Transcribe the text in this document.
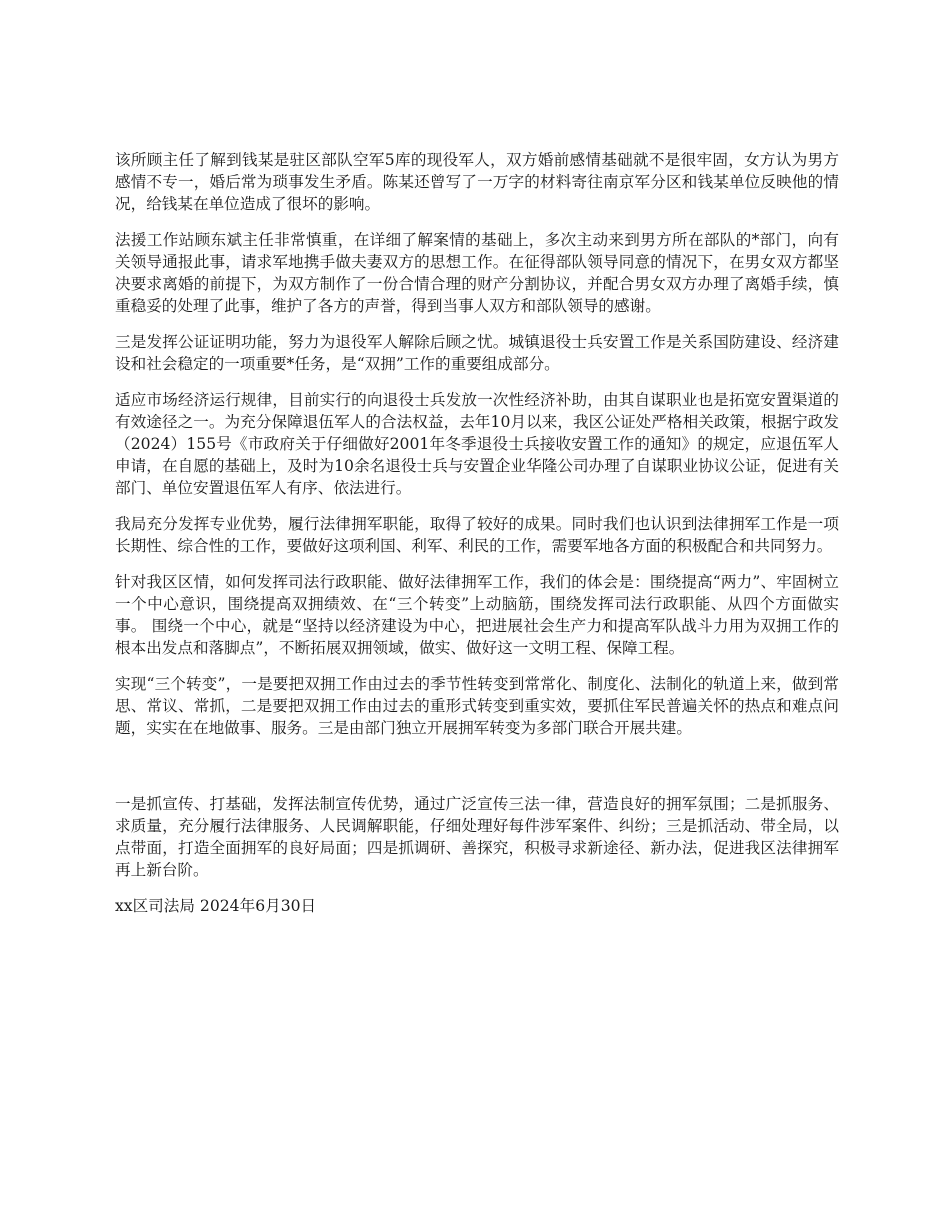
该所顾主任了解到钱某是驻区部队空军5库的现役军人，双方婚前感情基础就不是很牢固，女方认为男方感情不专一，婚后常为琐事发生矛盾。陈某还曾写了一万字的材料寄往南京军分区和钱某单位反映他的情况，给钱某在单位造成了很坏的影响。

法援工作站顾东斌主任非常慎重，在详细了解案情的基础上，多次主动来到男方所在部队的*部门，向有关领导通报此事，请求军地携手做夫妻双方的思想工作。在征得部队领导同意的情况下，在男女双方都坚决要求离婚的前提下，为双方制作了一份合情合理的财产分割协议，并配合男女双方办理了离婚手续，慎重稳妥的处理了此事，维护了各方的声誉，得到当事人双方和部队领导的感谢。

三是发挥公证证明功能，努力为退役军人解除后顾之忧。城镇退役士兵安置工作是关系国防建设、经济建设和社会稳定的一项重要*任务，是“双拥”工作的重要组成部分。

适应市场经济运行规律，目前实行的向退役士兵发放一次性经济补助，由其自谋职业也是拓宽安置渠道的有效途径之一。为充分保障退伍军人的合法权益，去年10月以来，我区公证处严格相关政策，根据宁政发（2024）155号《市政府关于仔细做好2001年冬季退役士兵接收安置工作的通知》的规定，应退伍军人申请，在自愿的基础上，及时为10余名退役士兵与安置企业华隆公司办理了自谋职业协议公证，促进有关部门、单位安置退伍军人有序、依法进行。

我局充分发挥专业优势，履行法律拥军职能，取得了较好的成果。同时我们也认识到法律拥军工作是一项长期性、综合性的工作，要做好这项利国、利军、利民的工作，需要军地各方面的积极配合和共同努力。

针对我区区情，如何发挥司法行政职能、做好法律拥军工作，我们的体会是：围绕提高“两力”、牢固树立一个中心意识，围绕提高双拥绩效、在“三个转变”上动脑筋，围绕发挥司法行政职能、从四个方面做实事。 围绕一个中心，就是“坚持以经济建设为中心，把进展社会生产力和提高军队战斗力用为双拥工作的根本出发点和落脚点”，不断拓展双拥领域，做实、做好这一文明工程、保障工程。

实现“三个转变”，一是要把双拥工作由过去的季节性转变到常常化、制度化、法制化的轨道上来，做到常思、常议、常抓，二是要把双拥工作由过去的重形式转变到重实效，要抓住军民普遍关怀的热点和难点问题，实实在在地做事、服务。三是由部门独立开展拥军转变为多部门联合开展共建。

一是抓宣传、打基础，发挥法制宣传优势，通过广泛宣传三法一律，营造良好的拥军氛围；二是抓服务、求质量，充分履行法律服务、人民调解职能，仔细处理好每件涉军案件、纠纷；三是抓活动、带全局，以点带面，打造全面拥军的良好局面；四是抓调研、善探究，积极寻求新途径、新办法，促进我区法律拥军再上新台阶。

xx区司法局 2024年6月30日
